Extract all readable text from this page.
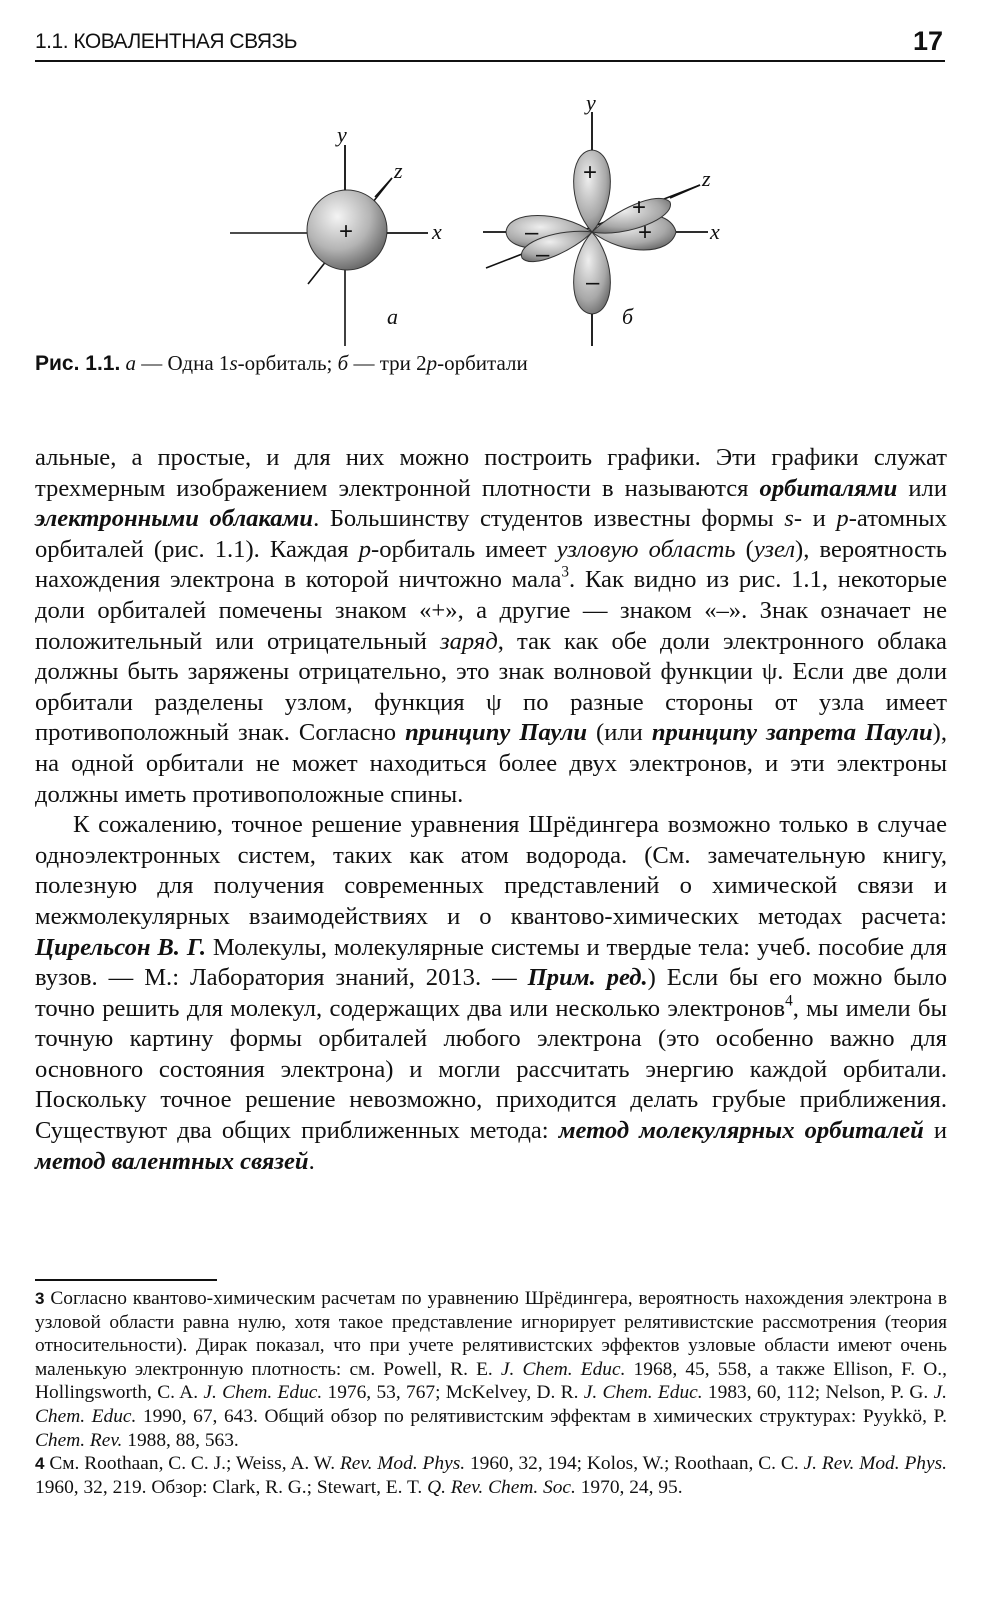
1.1. КОВАЛЕНТНАЯ СВЯЗЬ	17
y
z
x
+
а
y
z
x
+
+
+
–
–
–
б
Рис. 1.1. а — Одна 1s-орбиталь; б — три 2p-орбитали

альные, а простые, и для них можно построить графики. Эти графики служат трехмерным изображением электронной плотности в называются орбиталями или электронными облаками. Большинству студентов известны формы s- и p-атомных орбиталей (рис. 1.1). Каждая p-орбиталь имеет узловую область (узел), вероятность нахождения электрона в которой ничтожно мала$^3$. Как видно из рис. 1.1, некоторые доли орбиталей помечены знаком «+», а другие — знаком «–». Знак означает не положительный или отрицательный заряд, так как обе доли электронного облака должны быть заряжены отрицательно, это знак волновой функции ψ. Если две доли орбитали разделены узлом, функция ψ по разные стороны от узла имеет противоположный знак. Согласно принципу Паули (или принципу запрета Паули), на одной орбитали не может находиться более двух электронов, и эти электроны должны иметь противоположные спины.

К сожалению, точное решение уравнения Шрёдингера возможно только в случае одноэлектронных систем, таких как атом водорода. (См. замечательную книгу, полезную для получения современных представлений о химической связи и межмолекулярных взаимодействиях и о квантово-химических методах расчета: Цирельсон В. Г. Молекулы, молекулярные системы и твердые тела: учеб. пособие для вузов. — М.: Лаборатория знаний, 2013. — Прим. ред.) Если бы его можно было точно решить для молекул, содержащих два или несколько электронов$^4$, мы имели бы точную картину формы орбиталей любого электрона (это особенно важно для основного состояния электрона) и могли рассчитать энергию каждой орбитали. Поскольку точное решение невозможно, приходится делать грубые приближения. Существуют два общих приближенных метода: метод молекулярных орбиталей и метод валентных связей.

3 Согласно квантово-химическим расчетам по уравнению Шрёдингера, вероятность нахождения электрона в узловой области равна нулю, хотя такое представление игнорирует релятивистские рассмотрения (теория относительности). Дирак показал, что при учете релятивистских эффектов узловые области имеют очень маленькую электронную плотность: см. Powell, R. E. J. Chem. Educ. 1968, 45, 558, а также Ellison, F. O., Hollingsworth, C. A. J. Chem. Educ. 1976, 53, 767; McKelvey, D. R. J. Chem. Educ. 1983, 60, 112; Nelson, P. G. J. Chem. Educ. 1990, 67, 643. Общий обзор по релятивистским эффектам в химических структурах: Pyykkö, P. Chem. Rev. 1988, 88, 563.

4 См. Roothaan, C. C. J.; Weiss, A. W. Rev. Mod. Phys. 1960, 32, 194; Kolos, W.; Roothaan, C. C. J. Rev. Mod. Phys. 1960, 32, 219. Обзор: Clark, R. G.; Stewart, E. T. Q. Rev. Chem. Soc. 1970, 24, 95.
